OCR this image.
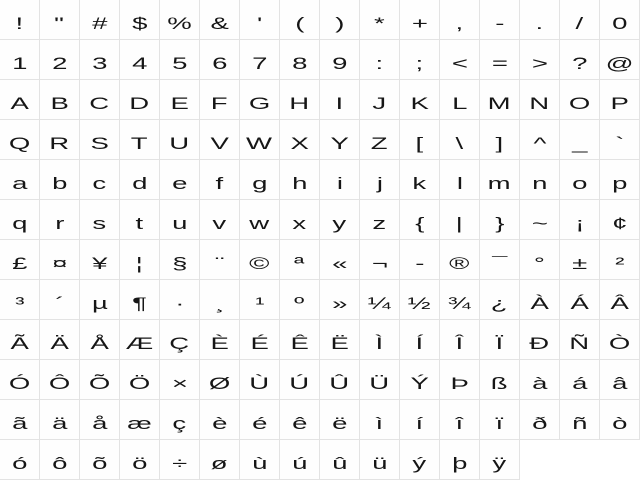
!	"	#	$	%	&	'	(	)	*	+	,	-	.	/	0
1	2	3	4	5	6	7	8	9	:	;	<	=	>	?	@
A	B	C	D	E	F	G	H	I	J	K	L	M	N	O	P
Q	R	S	T	U	V	W	X	Y	Z	[	\	]	^	_	`
a	b	c	d	e	f	g	h	i	j	k	l	m	n	o	p
q	r	s	t	u	v	w	x	y	z	{	|	}	~	¡	¢
£	¤	¥	¦	§	¨	©	ª	«	¬	-	®	¯	°	±	²
³	´	µ	¶	·	¸	¹	º	»	¼	½	¾	¿	À	Á	Â
Ã	Ä	Å	Æ Ç	È	É	Ê	Ë	Ì	Í	Î	Ï	Ð	Ñ	Ò
Ó	Ô	Õ	Ö	×	Ø	Ù	Ú	Û	Ü	Ý	Þ	ß	à	á	â
ã	ä	å	æ	ç	è	é	ê	ë	ì	í	î	ï	ð	ñ	ò
ó	ô	õ	ö	÷	ø	ù	ú	û	ü	ý	þ	ÿ
